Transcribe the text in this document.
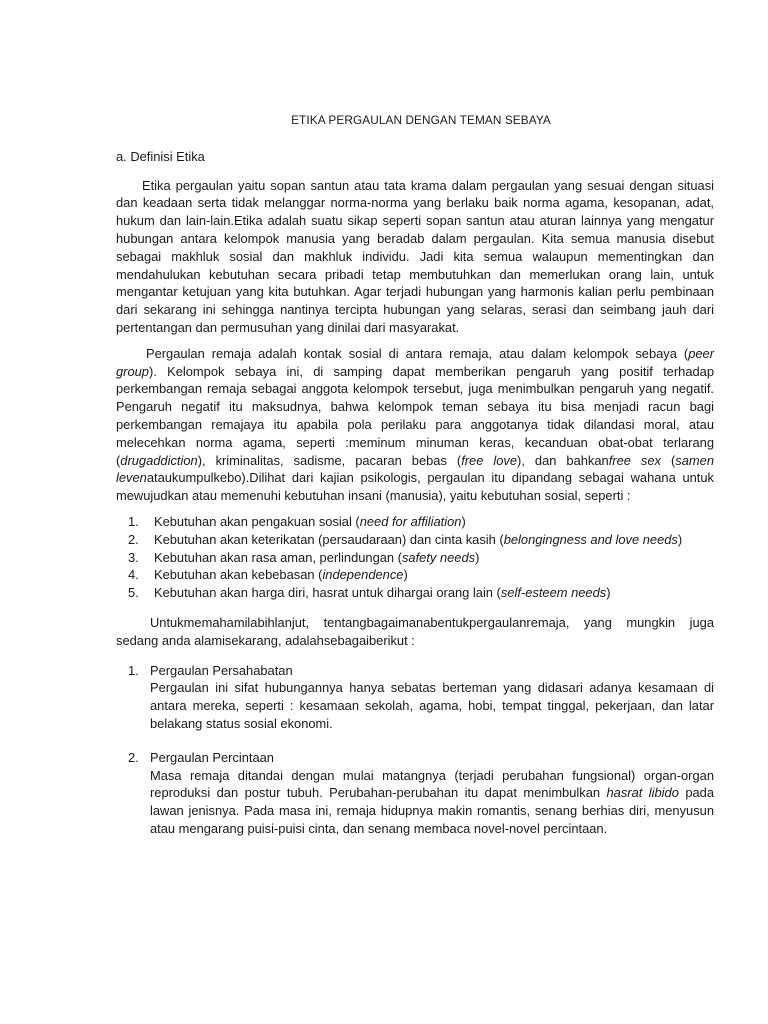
ETIKA PERGAULAN DENGAN TEMAN SEBAYA
a. Definisi Etika

Etika pergaulan yaitu sopan santun atau tata krama dalam pergaulan yang sesuai dengan situasi dan keadaan serta tidak melanggar norma-norma yang berlaku baik norma agama, kesopanan, adat, hukum dan lain-lain.Etika adalah suatu sikap seperti sopan santun atau aturan lainnya yang mengatur hubungan antara kelompok manusia yang beradab dalam pergaulan. Kita semua manusia disebut sebagai makhluk sosial dan makhluk individu. Jadi kita semua walaupun mementingkan dan mendahulukan kebutuhan secara pribadi tetap membutuhkan dan memerlukan orang lain, untuk mengantar ketujuan yang kita butuhkan. Agar terjadi hubungan yang harmonis kalian perlu pembinaan dari sekarang ini sehingga nantinya tercipta hubungan yang selaras, serasi dan seimbang jauh dari pertentangan dan permusuhan yang dinilai dari masyarakat.

Pergaulan remaja adalah kontak sosial di antara remaja, atau dalam kelompok sebaya (peer group). Kelompok sebaya ini, di samping dapat memberikan pengaruh yang positif terhadap perkembangan remaja sebagai anggota kelompok tersebut, juga menimbulkan pengaruh yang negatif. Pengaruh negatif itu maksudnya, bahwa kelompok teman sebaya itu bisa menjadi racun bagi perkembangan remajaya itu apabila pola perilaku para anggotanya tidak dilandasi moral, atau melecehkan norma agama, seperti :meminum minuman keras, kecanduan obat-obat terlarang (drugaddiction), kriminalitas, sadisme, pacaran bebas (free love), dan bahkanfree sex (samen levenataukumpulkebo).Dilihat dari kajian psikologis, pergaulan itu dipandang sebagai wahana untuk mewujudkan atau memenuhi kebutuhan insani (manusia), yaitu kebutuhan sosial, seperti :

1. Kebutuhan akan pengakuan sosial (need for affiliation)
2. Kebutuhan akan keterikatan (persaudaraan) dan cinta kasih (belongingness and love needs)
3. Kebutuhan akan rasa aman, perlindungan (safety needs)
4. Kebutuhan akan kebebasan (independence)
5. Kebutuhan akan harga diri, hasrat untuk dihargai orang lain (self-esteem needs)

Untukmemahamilabihlanjut, tentangbagaimanabentukpergaulanremaja, yang mungkin juga sedang anda alamisekarang, adalahsebagaiberikut :

1. Pergaulan Persahabatan
Pergaulan ini sifat hubungannya hanya sebatas berteman yang didasari adanya kesamaan di antara mereka, seperti : kesamaan sekolah, agama, hobi, tempat tinggal, pekerjaan, dan latar belakang status sosial ekonomi.
2. Pergaulan Percintaan
Masa remaja ditandai dengan mulai matangnya (terjadi perubahan fungsional) organ-organ reproduksi dan postur tubuh. Perubahan-perubahan itu dapat menimbulkan hasrat libido pada lawan jenisnya. Pada masa ini, remaja hidupnya makin romantis, senang berhias diri, menyusun atau mengarang puisi-puisi cinta, dan senang membaca novel-novel percintaan.
